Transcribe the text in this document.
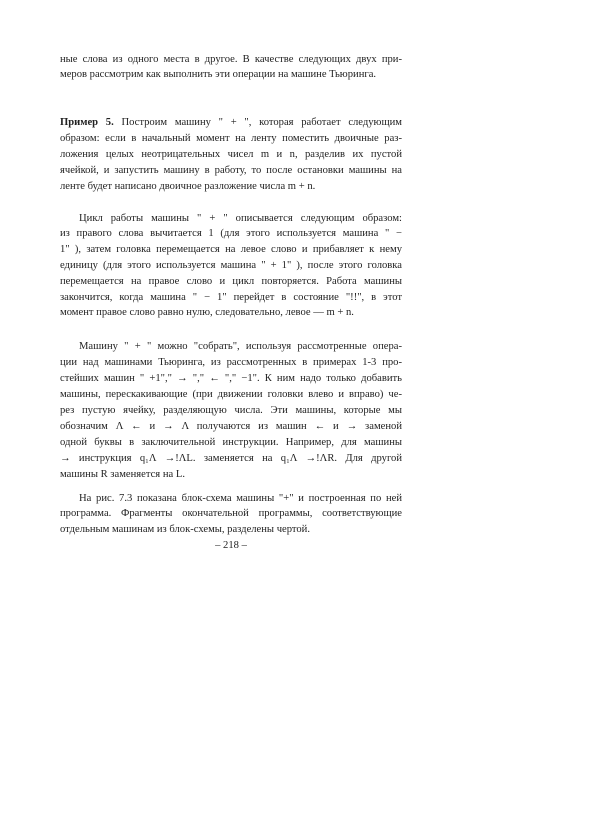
ные слова из одного места в другое. В качестве следующих двух при-
меров рассмотрим как выполнить эти операции на машине Тьюринга.
Пример 5. Построим машину " + ", которая работает следующим
образом: если в начальный момент на ленту поместить двоичные раз-
ложения целых неотрицательных чисел m и n, разделив их пустой
ячейкой, и запустить машину в работу, то после остановки машины на
ленте будет написано двоичное разложение числа m + n.
Цикл работы машины " + " описывается следующим образом:
из правого слова вычитается 1 (для этого используется машина " −
1" ), затем головка перемещается на левое слово и прибавляет к нему
единицу (для этого используется машина " + 1" ), после этого головка
перемещается на правое слово и цикл повторяется. Работа машины
закончится, когда машина " − 1" перейдет в состояние "!!", в этот
момент правое слово равно нулю, следовательно, левое — m + n.
Машину " + " можно "собрать", используя рассмотренные опера-
ции над машинами Тьюринга, из рассмотренных в примерах 1-3 про-
стейших машин " +1"," → "," ← "," −1". К ним надо только добавить
машины, перескакивающие (при движении головки влево и вправо) че-
рез пустую ячейку, разделяющую числа. Эти машины, которые мы
обозначим Λ ← и → Λ получаются из машин ← и → заменой
одной буквы в заключительной инструкции. Например, для машины
→ инструкция q₁Λ →!ΛL. заменяется на q₁Λ →!ΛR. Для другой
машины R заменяется на L.
На рис. 7.3 показана блок-схема машины "+" и построенная по ней
программа. Фрагменты окончательной программы, соответствующие
отдельным машинам из блок-схемы, разделены чертой.
– 218 –
